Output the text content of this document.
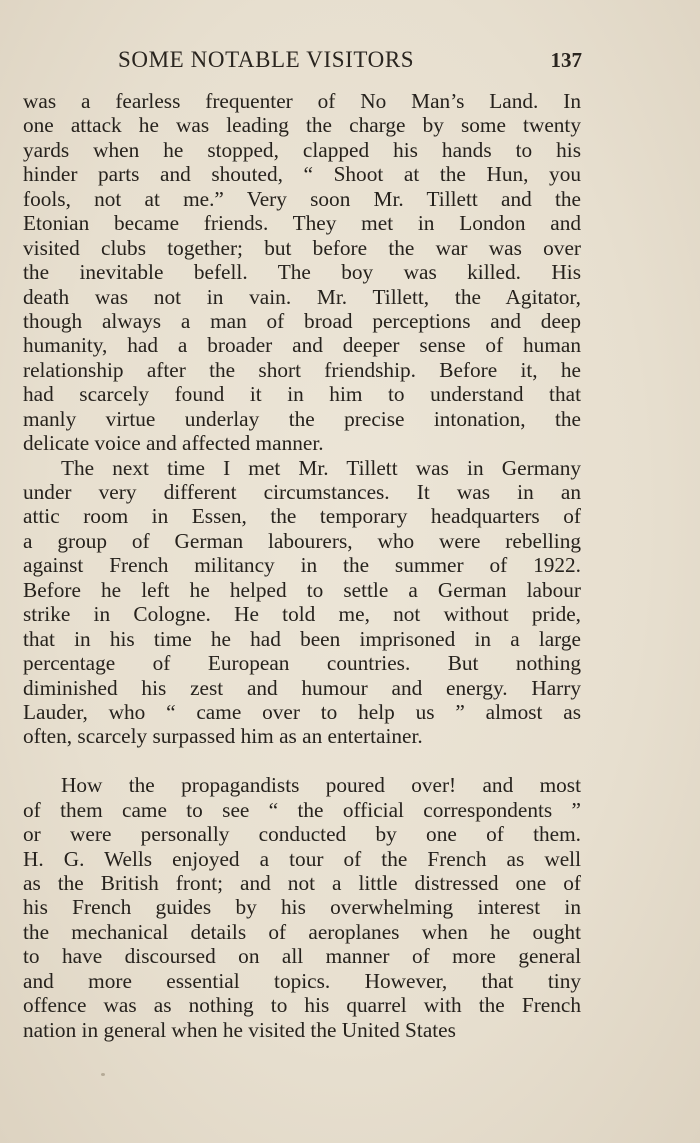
SOME NOTABLE VISITORS	137
was a fearless frequenter of No Man’s Land. In
one attack he was leading the charge by some twenty
yards when he stopped, clapped his hands to his
hinder parts and shouted, “ Shoot at the Hun, you
fools, not at me.” Very soon Mr. Tillett and the
Etonian became friends. They met in London and
visited clubs together; but before the war was over
the inevitable befell. The boy was killed. His
death was not in vain. Mr. Tillett, the Agitator,
though always a man of broad perceptions and deep
humanity, had a broader and deeper sense of human
relationship after the short friendship. Before it, he
had scarcely found it in him to understand that
manly virtue underlay the precise intonation, the
delicate voice and affected manner.
The next time I met Mr. Tillett was in Germany
under very different circumstances. It was in an
attic room in Essen, the temporary headquarters of
a group of German labourers, who were rebelling
against French militancy in the summer of 1922.
Before he left he helped to settle a German labour
strike in Cologne. He told me, not without pride,
that in his time he had been imprisoned in a large
percentage of European countries. But nothing
diminished his zest and humour and energy. Harry
Lauder, who “ came over to help us ” almost as
often, scarcely surpassed him as an entertainer.
How the propagandists poured over! and most
of them came to see “ the official correspondents ”
or were personally conducted by one of them.
H. G. Wells enjoyed a tour of the French as well
as the British front; and not a little distressed one of
his French guides by his overwhelming interest in
the mechanical details of aeroplanes when he ought
to have discoursed on all manner of more general
and more essential topics. However, that tiny
offence was as nothing to his quarrel with the French
nation in general when he visited the United States
